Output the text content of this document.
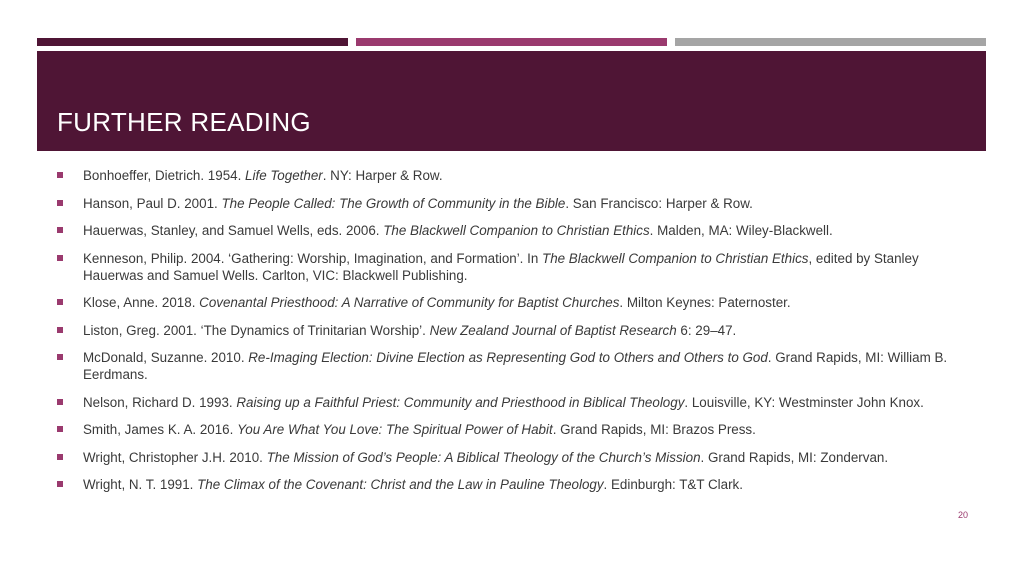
FURTHER READING
Bonhoeffer, Dietrich. 1954. Life Together. NY: Harper & Row.
Hanson, Paul D. 2001. The People Called: The Growth of Community in the Bible. San Francisco: Harper & Row.
Hauerwas, Stanley, and Samuel Wells, eds. 2006. The Blackwell Companion to Christian Ethics. Malden, MA: Wiley-Blackwell.
Kenneson, Philip. 2004. ‘Gathering: Worship, Imagination, and Formation’. In The Blackwell Companion to Christian Ethics, edited by Stanley Hauerwas and Samuel Wells. Carlton, VIC: Blackwell Publishing.
Klose, Anne. 2018. Covenantal Priesthood: A Narrative of Community for Baptist Churches. Milton Keynes: Paternoster.
Liston, Greg. 2001. ‘The Dynamics of Trinitarian Worship’. New Zealand Journal of Baptist Research 6: 29–47.
McDonald, Suzanne. 2010. Re-Imaging Election: Divine Election as Representing God to Others and Others to God. Grand Rapids, MI: William B. Eerdmans.
Nelson, Richard D. 1993. Raising up a Faithful Priest: Community and Priesthood in Biblical Theology. Louisville, KY: Westminster John Knox.
Smith, James K. A. 2016. You Are What You Love: The Spiritual Power of Habit. Grand Rapids, MI: Brazos Press.
Wright, Christopher J.H. 2010. The Mission of God’s People: A Biblical Theology of the Church’s Mission. Grand Rapids, MI: Zondervan.
Wright, N. T. 1991. The Climax of the Covenant: Christ and the Law in Pauline Theology. Edinburgh: T&T Clark.
20
